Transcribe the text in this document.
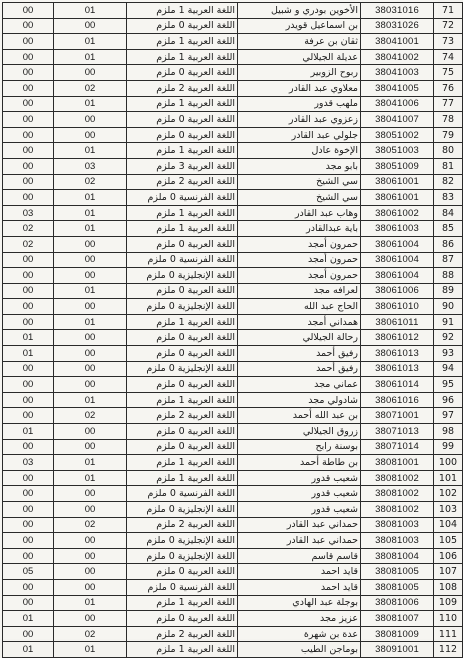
00	01	اللغة العربية 1 ملزم	الأخوين بودري و شبيل	38031016	71
00	00	اللغة العربية 0 ملزم	بن اسماعيل قويدر	38031026	72
00	01	اللغة العربية 1 ملزم	ثقان بن عرفة	38041001	73
00	01	اللغة العربية 1 ملزم	عديلة الجيلالي	38041002	74
00	00	اللغة العربية 0 ملزم	ربوح الزوبير	38041003	75
00	02	اللغة العربية 2 ملزم	معلاوي عبد القادر	38041005	76
00	01	اللغة العربية 1 ملزم	ملهب قدور	38041006	77
00	00	اللغة العربية 0 ملزم	زعزوي عبد القادر	38041007	78
00	00	اللغة العربية 0 ملزم	جلولي عبد القادر	38051002	79
00	01	اللغة العربية 1 ملزم	الإخوة عادل	38051003	80
00	03	اللغة العربية 3 ملزم	بابو مجد	38051009	81
00	02	اللغة العربية 2 ملزم	سي الشيخ	38061001	82
00	01	اللغة الفرنسية 0 ملزم	سي الشيخ	38061001	83
03	01	اللغة العربية 1 ملزم	وهاب عبد القادر	38061002	84
02	01	اللغة العربية 1 ملزم	باية عبدالقادر	38061003	85
02	00	اللغة العربية 0 ملزم	حمرون أمجد	38061004	86
00	00	اللغة الفرنسية 0 ملزم	حمرون أمجد	38061004	87
00	00	اللغة الإنجليزية 0 ملزم	حمرون أمجد	38061004	88
00	01	اللغة العربية 0 ملزم	لعرافه مجد	38061006	89
00	00	اللغة الإنجليزية 0 ملزم	الحاج عبد الله	38061010	90
00	01	اللغة العربية 1 ملزم	همداني أمجد	38061011	91
01	00	اللغة العربية 0 ملزم	رحالة الجيلالي	38061012	92
01	00	اللغة العربية 0 ملزم	رفيق أحمد	38061013	93
00	00	اللغة الإنجليزية 0 ملزم	رفيق أحمد	38061013	94
00	00	اللغة العربية 0 ملزم	عماني مجد	38061014	95
00	01	اللغة العربية 1 ملزم	شادولي مجد	38061016	96
00	02	اللغة العربية 2 ملزم	بن عبد الله أحمد	38071001	97
01	00	اللغة العربية 0 ملزم	زروق الجيلالي	38071013	98
00	00	اللغة العربية 0 ملزم	بوسنة رابح	38071014	99
03	01	اللغة العربية 1 ملزم	بن طاطة أحمد	38081001	100
00	01	اللغة العربية 1 ملزم	شعيب قدور	38081002	101
00	00	اللغة الفرنسية 0 ملزم	شعيب قدور	38081002	102
00	00	اللغة الإنجليزية 0 ملزم	شعيب قدور	38081002	103
00	02	اللغة العربية 2 ملزم	حمداني عبد القادر	38081003	104
00	00	اللغة الإنجليزية 0 ملزم	حمداني عبد القادر	38081003	105
00	00	اللغة الإنجليزية 0 ملزم	قاسم قاسم	38081004	106
05	00	اللغة العربية 0 ملزم	قايد احمد	38081005	107
00	00	اللغة الفرنسية 0 ملزم	قايد احمد	38081005	108
00	01	اللغة العربية 1 ملزم	بوجلة عبد الهادي	38081006	109
01	00	اللغة العربية 0 ملزم	عزيز مجد	38081007	110
00	02	اللغة العربية 2 ملزم	عدة بن شهرة	38081009	111
01	01	اللغة العربية 1 ملزم	بوماجن الطيب	38091001	112
